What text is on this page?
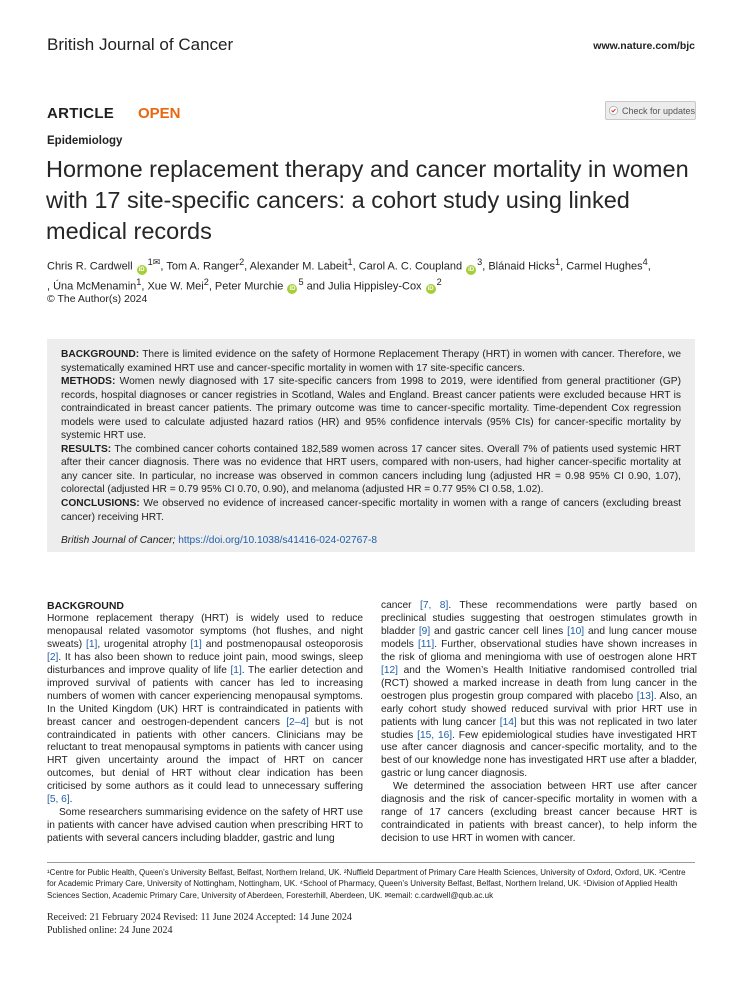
British Journal of Cancer	www.nature.com/bjc
ARTICLE OPEN	Check for updates
Epidemiology
Hormone replacement therapy and cancer mortality in women with 17 site-specific cancers: a cohort study using linked medical records
Chris R. Cardwell $iD^{1✉}$, Tom A. Ranger$^2$, Alexander M. Labeit$^1$, Carol A. C. Coupland $iD^3$, Blánaid Hicks$^1$, Carmel Hughes$^4$,
, Úna McMenamin$^1$, Xue W. Mei$^2$, Peter Murchie $iD^5$ and Julia Hippisley-Cox $iD^2$
© The Author(s) 2024

BACKGROUND: There is limited evidence on the safety of Hormone Replacement Therapy (HRT) in women with cancer. Therefore, we systematically examined HRT use and cancer-specific mortality in women with 17 site-specific cancers.

METHODS: Women newly diagnosed with 17 site-specific cancers from 1998 to 2019, were identified from general practitioner (GP) records, hospital diagnoses or cancer registries in Scotland, Wales and England. Breast cancer patients were excluded because HRT is contraindicated in breast cancer patients. The primary outcome was time to cancer-specific mortality. Time-dependent Cox regression models were used to calculate adjusted hazard ratios (HR) and 95% confidence intervals (95% CIs) for cancer-specific mortality by systemic HRT use.

RESULTS: The combined cancer cohorts contained 182,589 women across 17 cancer sites. Overall 7% of patients used systemic HRT after their cancer diagnosis. There was no evidence that HRT users, compared with non-users, had higher cancer-specific mortality at any cancer site. In particular, no increase was observed in common cancers including lung (adjusted HR = 0.98 95% CI 0.90, 1.07), colorectal (adjusted HR = 0.79 95% CI 0.70, 0.90), and melanoma (adjusted HR = 0.77 95% CI 0.58, 1.02).

CONCLUSIONS: We observed no evidence of increased cancer-specific mortality in women with a range of cancers (excluding breast cancer) receiving HRT.

British Journal of Cancer; https://doi.org/10.1038/s41416-024-02767-8

BACKGROUND

Hormone replacement therapy (HRT) is widely used to reduce menopausal related vasomotor symptoms (hot flushes, and night sweats) [1], urogenital atrophy [1] and postmenopausal osteoporosis [2]. It has also been shown to reduce joint pain, mood swings, sleep disturbances and improve quality of life [1]. The earlier detection and improved survival of patients with cancer has led to increasing numbers of women with cancer experiencing menopausal symptoms. In the United Kingdom (UK) HRT is contraindicated in patients with breast cancer and oestrogen-dependent cancers [2–4] but is not contraindicated in patients with other cancers. Clinicians may be reluctant to treat menopausal symptoms in patients with cancer using HRT given uncertainty around the impact of HRT on cancer outcomes, but denial of HRT without clear indication has been criticised by some authors as it could lead to unnecessary suffering [5, 6].

Some researchers summarising evidence on the safety of HRT use in patients with cancer have advised caution when prescribing HRT to patients with several cancers including bladder, gastric and lung

cancer [7, 8]. These recommendations were partly based on preclinical studies suggesting that oestrogen stimulates growth in bladder [9] and gastric cancer cell lines [10] and lung cancer mouse models [11]. Further, observational studies have shown increases in the risk of glioma and meningioma with use of oestrogen alone HRT [12] and the Women’s Health Initiative randomised controlled trial (RCT) showed a marked increase in death from lung cancer in the oestrogen plus progestin group compared with placebo [13]. Also, an early cohort study showed reduced survival with prior HRT use in patients with lung cancer [14] but this was not replicated in two later studies [15, 16]. Few epidemiological studies have investigated HRT use after cancer diagnosis and cancer-specific mortality, and to the best of our knowledge none has investigated HRT use after a bladder, gastric or lung cancer diagnosis.

We determined the association between HRT use after cancer diagnosis and the risk of cancer-specific mortality in women with a range of 17 cancers (excluding breast cancer because HRT is contraindicated in patients with breast cancer), to help inform the decision to use HRT in women with cancer.

¹Centre for Public Health, Queen’s University Belfast, Belfast, Northern Ireland, UK. ²Nuffield Department of Primary Care Health Sciences, University of Oxford, Oxford, UK. ³Centre for Academic Primary Care, University of Nottingham, Nottingham, UK. ⁴School of Pharmacy, Queen’s University Belfast, Belfast, Northern Ireland, UK. ⁵Division of Applied Health Sciences Section, Academic Primary Care, University of Aberdeen, Foresterhill, Aberdeen, UK. ✉email: c.cardwell@qub.ac.uk
Received: 21 February 2024 Revised: 11 June 2024 Accepted: 14 June 2024
Published online: 24 June 2024
